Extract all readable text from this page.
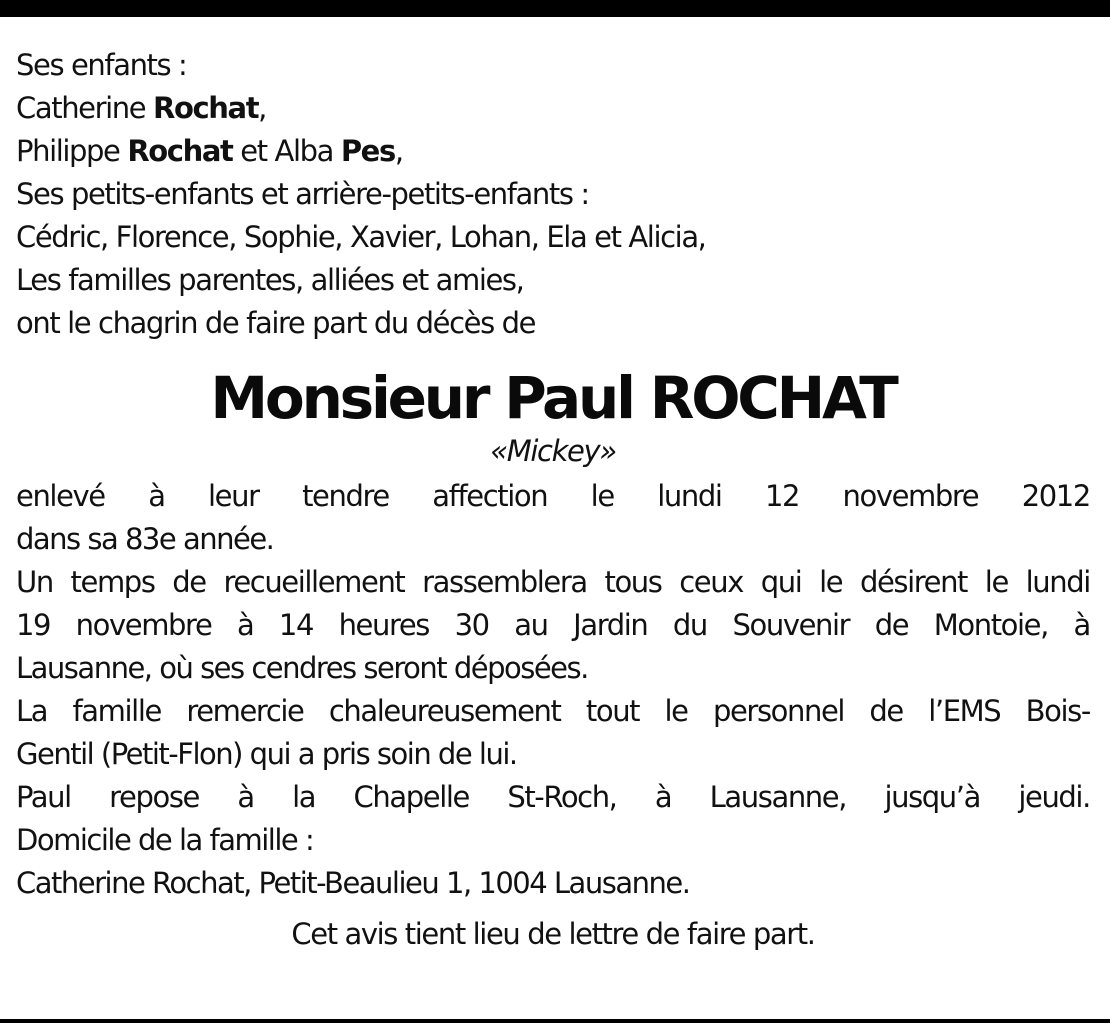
Ses enfants :
Catherine Rochat,
Philippe Rochat et Alba Pes,
Ses petits-enfants et arrière-petits-enfants :
Cédric, Florence, Sophie, Xavier, Lohan, Ela et Alicia,
Les familles parentes, alliées et amies,
ont le chagrin de faire part du décès de
Monsieur Paul ROCHAT
«Mickey»
enlevé à leur tendre affection le lundi 12 novembre 2012
dans sa 83e année.
Un temps de recueillement rassemblera tous ceux qui le désirent le lundi
19 novembre à 14 heures 30 au Jardin du Souvenir de Montoie, à
Lausanne, où ses cendres seront déposées.
La famille remercie chaleureusement tout le personnel de l’EMS Bois-
Gentil (Petit-Flon) qui a pris soin de lui.
Paul repose à la Chapelle St-Roch, à Lausanne, jusqu’à jeudi.
Domicile de la famille :
Catherine Rochat, Petit-Beaulieu 1, 1004 Lausanne.
Cet avis tient lieu de lettre de faire part.
